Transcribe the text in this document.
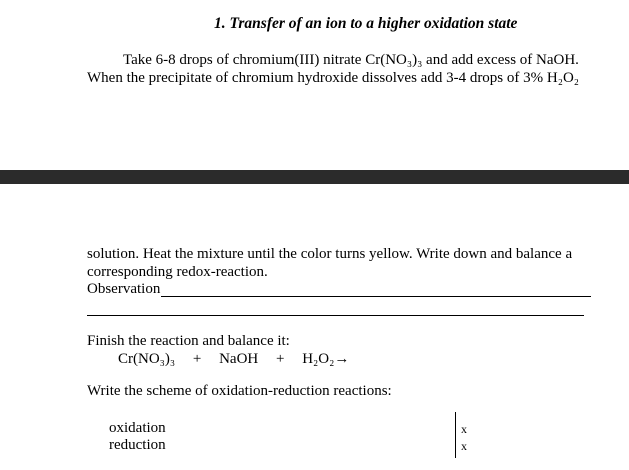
1. Transfer of an ion to a higher oxidation state
Take 6-8 drops of chromium(III) nitrate Cr(NO₃)₃ and add excess of NaOH.
When the precipitate of chromium hydroxide dissolves add 3-4 drops of 3% H₂O₂
solution. Heat the mixture until the color turns yellow. Write down and balance a
corresponding redox-reaction.
Observation
Finish the reaction and balance it:
Cr(NO₃)₃ + NaOH + H₂O₂→
Write the scheme of oxidation-reduction reactions:
oxidation
reduction
x
x
